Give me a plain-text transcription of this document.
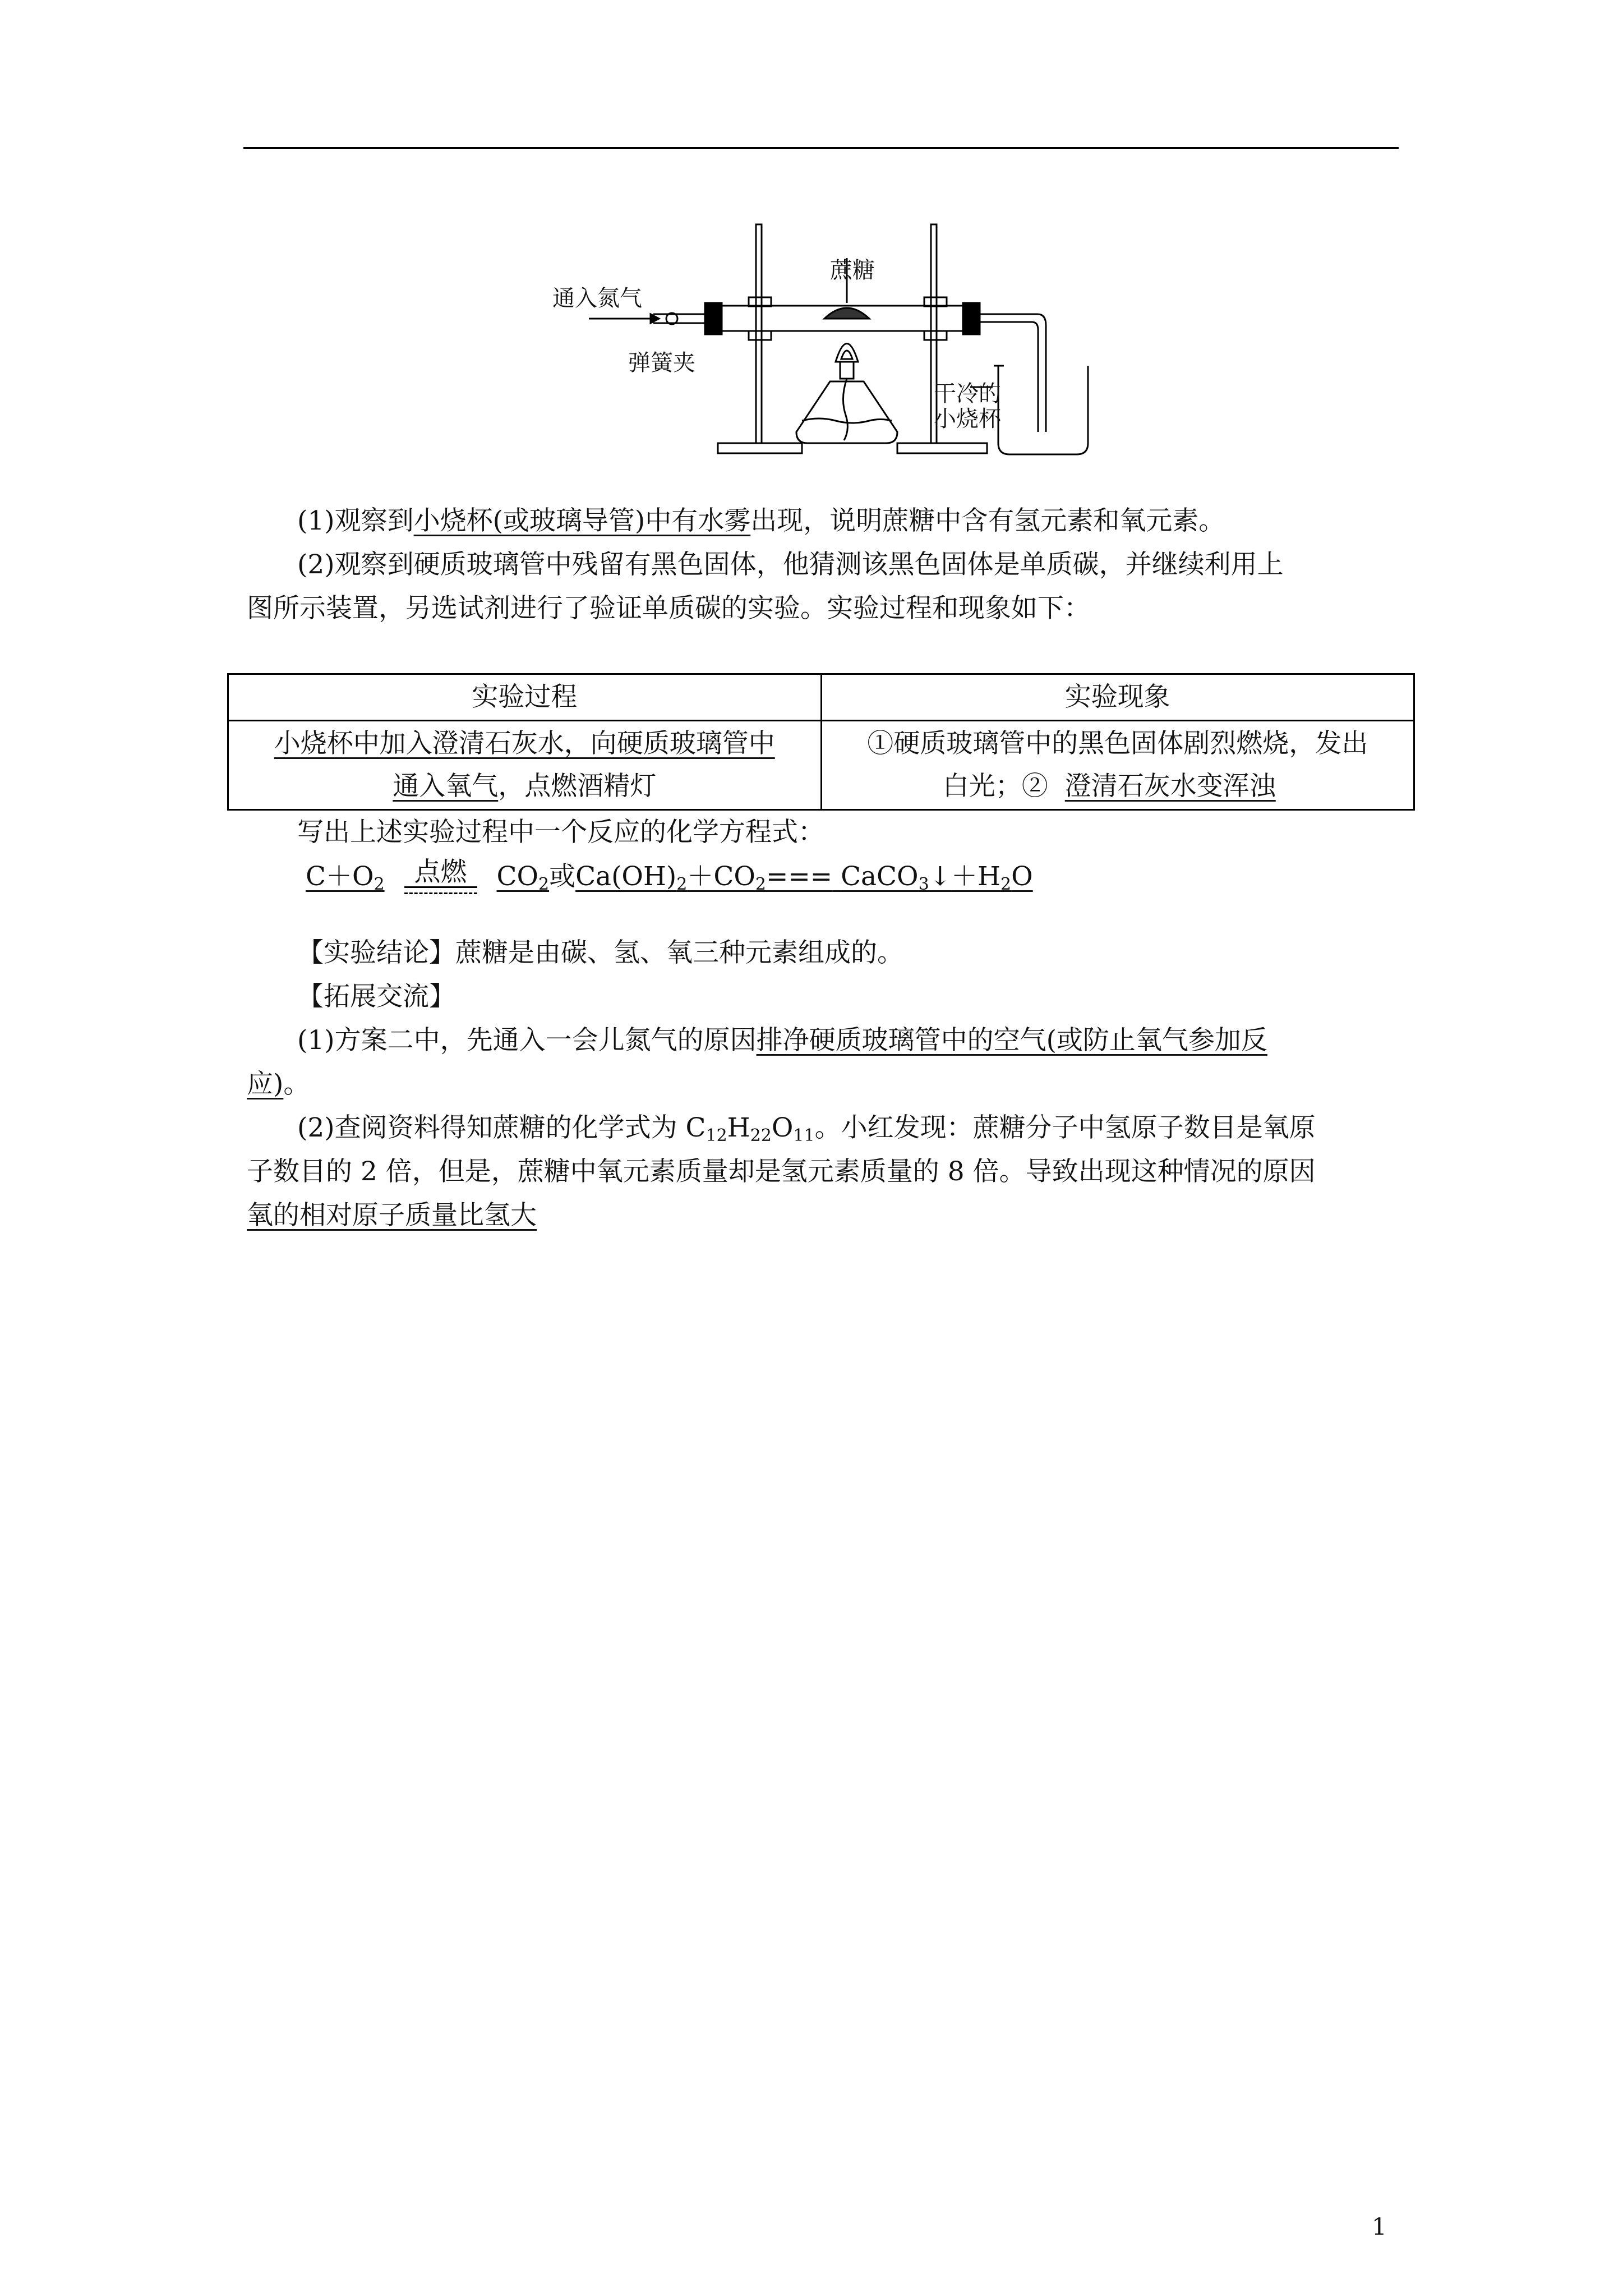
通入氮气
蔗糖
弹簧夹
干冷的
小烧杯
(1)观察到小烧杯(或玻璃导管)中有水雾出现，说明蔗糖中含有氢元素和氧元素。
(2)观察到硬质玻璃管中残留有黑色固体，他猜测该黑色固体是单质碳，并继续利用上
图所示装置，另选试剂进行了验证单质碳的实验。实验过程和现象如下：
实验过程	实验现象
小烧杯中加入澄清石灰水，向硬质玻璃管中
通入氧气，点燃酒精灯	①硬质玻璃管中的黑色固体剧烈燃烧，发出
白光；② 澄清石灰水变浑浊
写出上述实验过程中一个反应的化学方程式：
$C+O_2$	点燃	$CO_2$或$Ca(OH)_2+CO_2===$ $CaCO_3↓+H_2O$
【实验结论】蔗糖是由碳、氢、氧三种元素组成的。
【拓展交流】
(1)方案二中，先通入一会儿氮气的原因排净硬质玻璃管中的空气(或防止氧气参加反
应)。
(2)查阅资料得知蔗糖的化学式为 $C_{12}H_{22}O_{11}$。小红发现：蔗糖分子中氢原子数目是氧原
子数目的 2 倍，但是，蔗糖中氧元素质量却是氢元素质量的 8 倍。导致出现这种情况的原因
氧的相对原子质量比氢大
1
